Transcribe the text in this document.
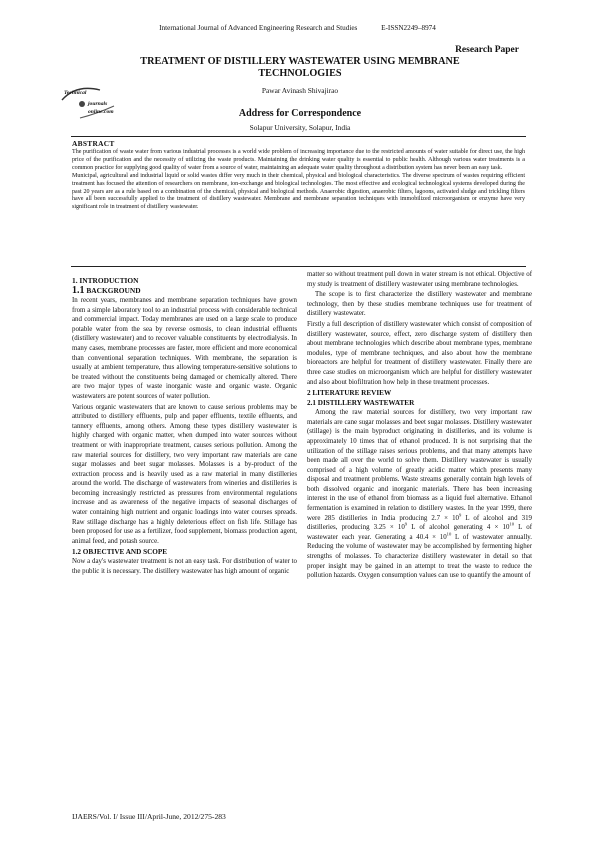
International Journal of Advanced Engineering Research and Studies	E-ISSN2249–8974
Research Paper
Technical
journals
online.com
TREATMENT OF DISTILLERY WASTEWATER USING MEMBRANE TECHNOLOGIES
Pawar Avinash Shivajirao
Address for Correspondence
Solapur University, Solapur, India
ABSTRACT

The purification of waste water from various industrial processes is a world wide problem of increasing importance due to the restricted amounts of water suitable for direct use, the high price of the purification and the necessity of utilizing the waste products. Maintaining the drinking water quality is essential to public health. Although various water treatments is a common practice for supplying good quality of water from a source of water, maintaining an adequate water quality throughout a distribution system has never been an easy task.

Municipal, agricultural and industrial liquid or solid wastes differ very much in their chemical, physical and biological characteristics. The diverse spectrum of wastes requiring efficient treatment has focused the attention of researchers on membrane, ion-exchange and biological technologies. The most effective and ecological technological systems developed during the past 20 years are as a rule based on a combination of the chemical, physical and biological methods. Anaerobic digestion, anaerobic filters, lagoons, activated sludge and trickling filters have all been successfully applied to the treatment of distillery wastewater. Membrane and membrane separation techniques with immobilized microorganism or enzyme have very significant role in treatment of distillery wastewater.

1. INTRODUCTION
1.1 BACKGROUND

In recent years, membranes and membrane separation techniques have grown from a simple laboratory tool to an industrial process with considerable technical and commercial impact. Today membranes are used on a large scale to produce potable water from the sea by reverse osmosis, to clean industrial effluents (distillery wastewater) and to recover valuable constituents by electrodialysis. In many cases, membrane processes are faster, more efficient and more economical than conventional separation techniques. With membrane, the separation is usually at ambient temperature, thus allowing temperature-sensitive solutions to be treated without the constituents being damaged or chemically altered. There are two major types of waste inorganic waste and organic waste. Organic wastewaters are potent sources of water pollution.

Various organic wastewaters that are known to cause serious problems may be attributed to distillery effluents, pulp and paper effluents, textile effluents, and tannery effluents, among others. Among these types distillery wastewater is highly charged with organic matter, when dumped into water sources without treatment or with inappropriate treatment, causes serious pollution. Among the raw material sources for distillery, two very important raw materials are cane sugar molasses and beet sugar molasses. Molasses is a by-product of the extraction process and is heavily used as a raw material in many distilleries around the world. The discharge of wastewaters from wineries and distilleries is becoming increasingly restricted as pressures from environmental regulations increase and as awareness of the negative impacts of seasonal discharges of water containing high nutrient and organic loadings into water courses spreads. Raw stillage discharge has a highly deleterious effect on fish life. Stillage has been proposed for use as a fertilizer, food supplement, biomass production agent, animal feed, and potash source.

1.2 OBJECTIVE AND SCOPE

Now a day's wastewater treatment is not an easy task. For distribution of water to the public it is necessary. The distillery wastewater has high amount of organic

matter so without treatment pull down in water stream is not ethical. Objective of my study is treatment of distillery wastewater using membrane technologies.

The scope is to first characterize the distillery wastewater and membrane technology, then by these studies membrane techniques use for treatment of distillery wastewater.

Firstly a full description of distillery wastewater which consist of composition of distillery wastewater, source, effect, zero discharge system of distillery then about membrane technologies which describe about membrane types, membrane modules, type of membrane techniques, and also about how the membrane bioreactors are helpful for treatment of distillery wastewater. Finally there are three case studies on microorganism which are helpful for distillery wastewater and also about biofiltration how help in these treatment processes.

2 LITERATURE REVIEW
2.1 DISTILLERY WASTEWATER

Among the raw material sources for distillery, two very important raw materials are cane sugar molasses and beet sugar molasses. Distillery wastewater (stillage) is the main byproduct originating in distilleries, and its volume is approximately 10 times that of ethanol produced. It is not surprising that the utilization of the stillage raises serious problems, and that many attempts have been made all over the world to solve them. Distillery wastewater is usually comprised of a high volume of greatly acidic matter which presents many disposal and treatment problems. Waste streams generally contain high levels of both dissolved organic and inorganic materials. There has been increasing interest in the use of ethanol from biomass as a liquid fuel alternative. Ethanol fermentation is examined in relation to distillery wastes. In the year 1999, there were 285 distilleries in India producing $2.7 \times 10^9$ L of alcohol and 319 distilleries, producing $3.25 \times 10^9$ L of alcohol generating $4 \times 10^{10}$ L of wastewater each year. Generating a $40.4 \times 10^{10}$ L of wastewater annually. Reducing the volume of wastewater may be accomplished by fermenting higher strengths of molasses. To characterize distillery wastewater in detail so that proper insight may be gained in an attempt to treat the waste to reduce the pollution hazards. Oxygen consumption values can use to quantify the amount of

IJAERS/Vol. I/ Issue III/April-June, 2012/275-283
